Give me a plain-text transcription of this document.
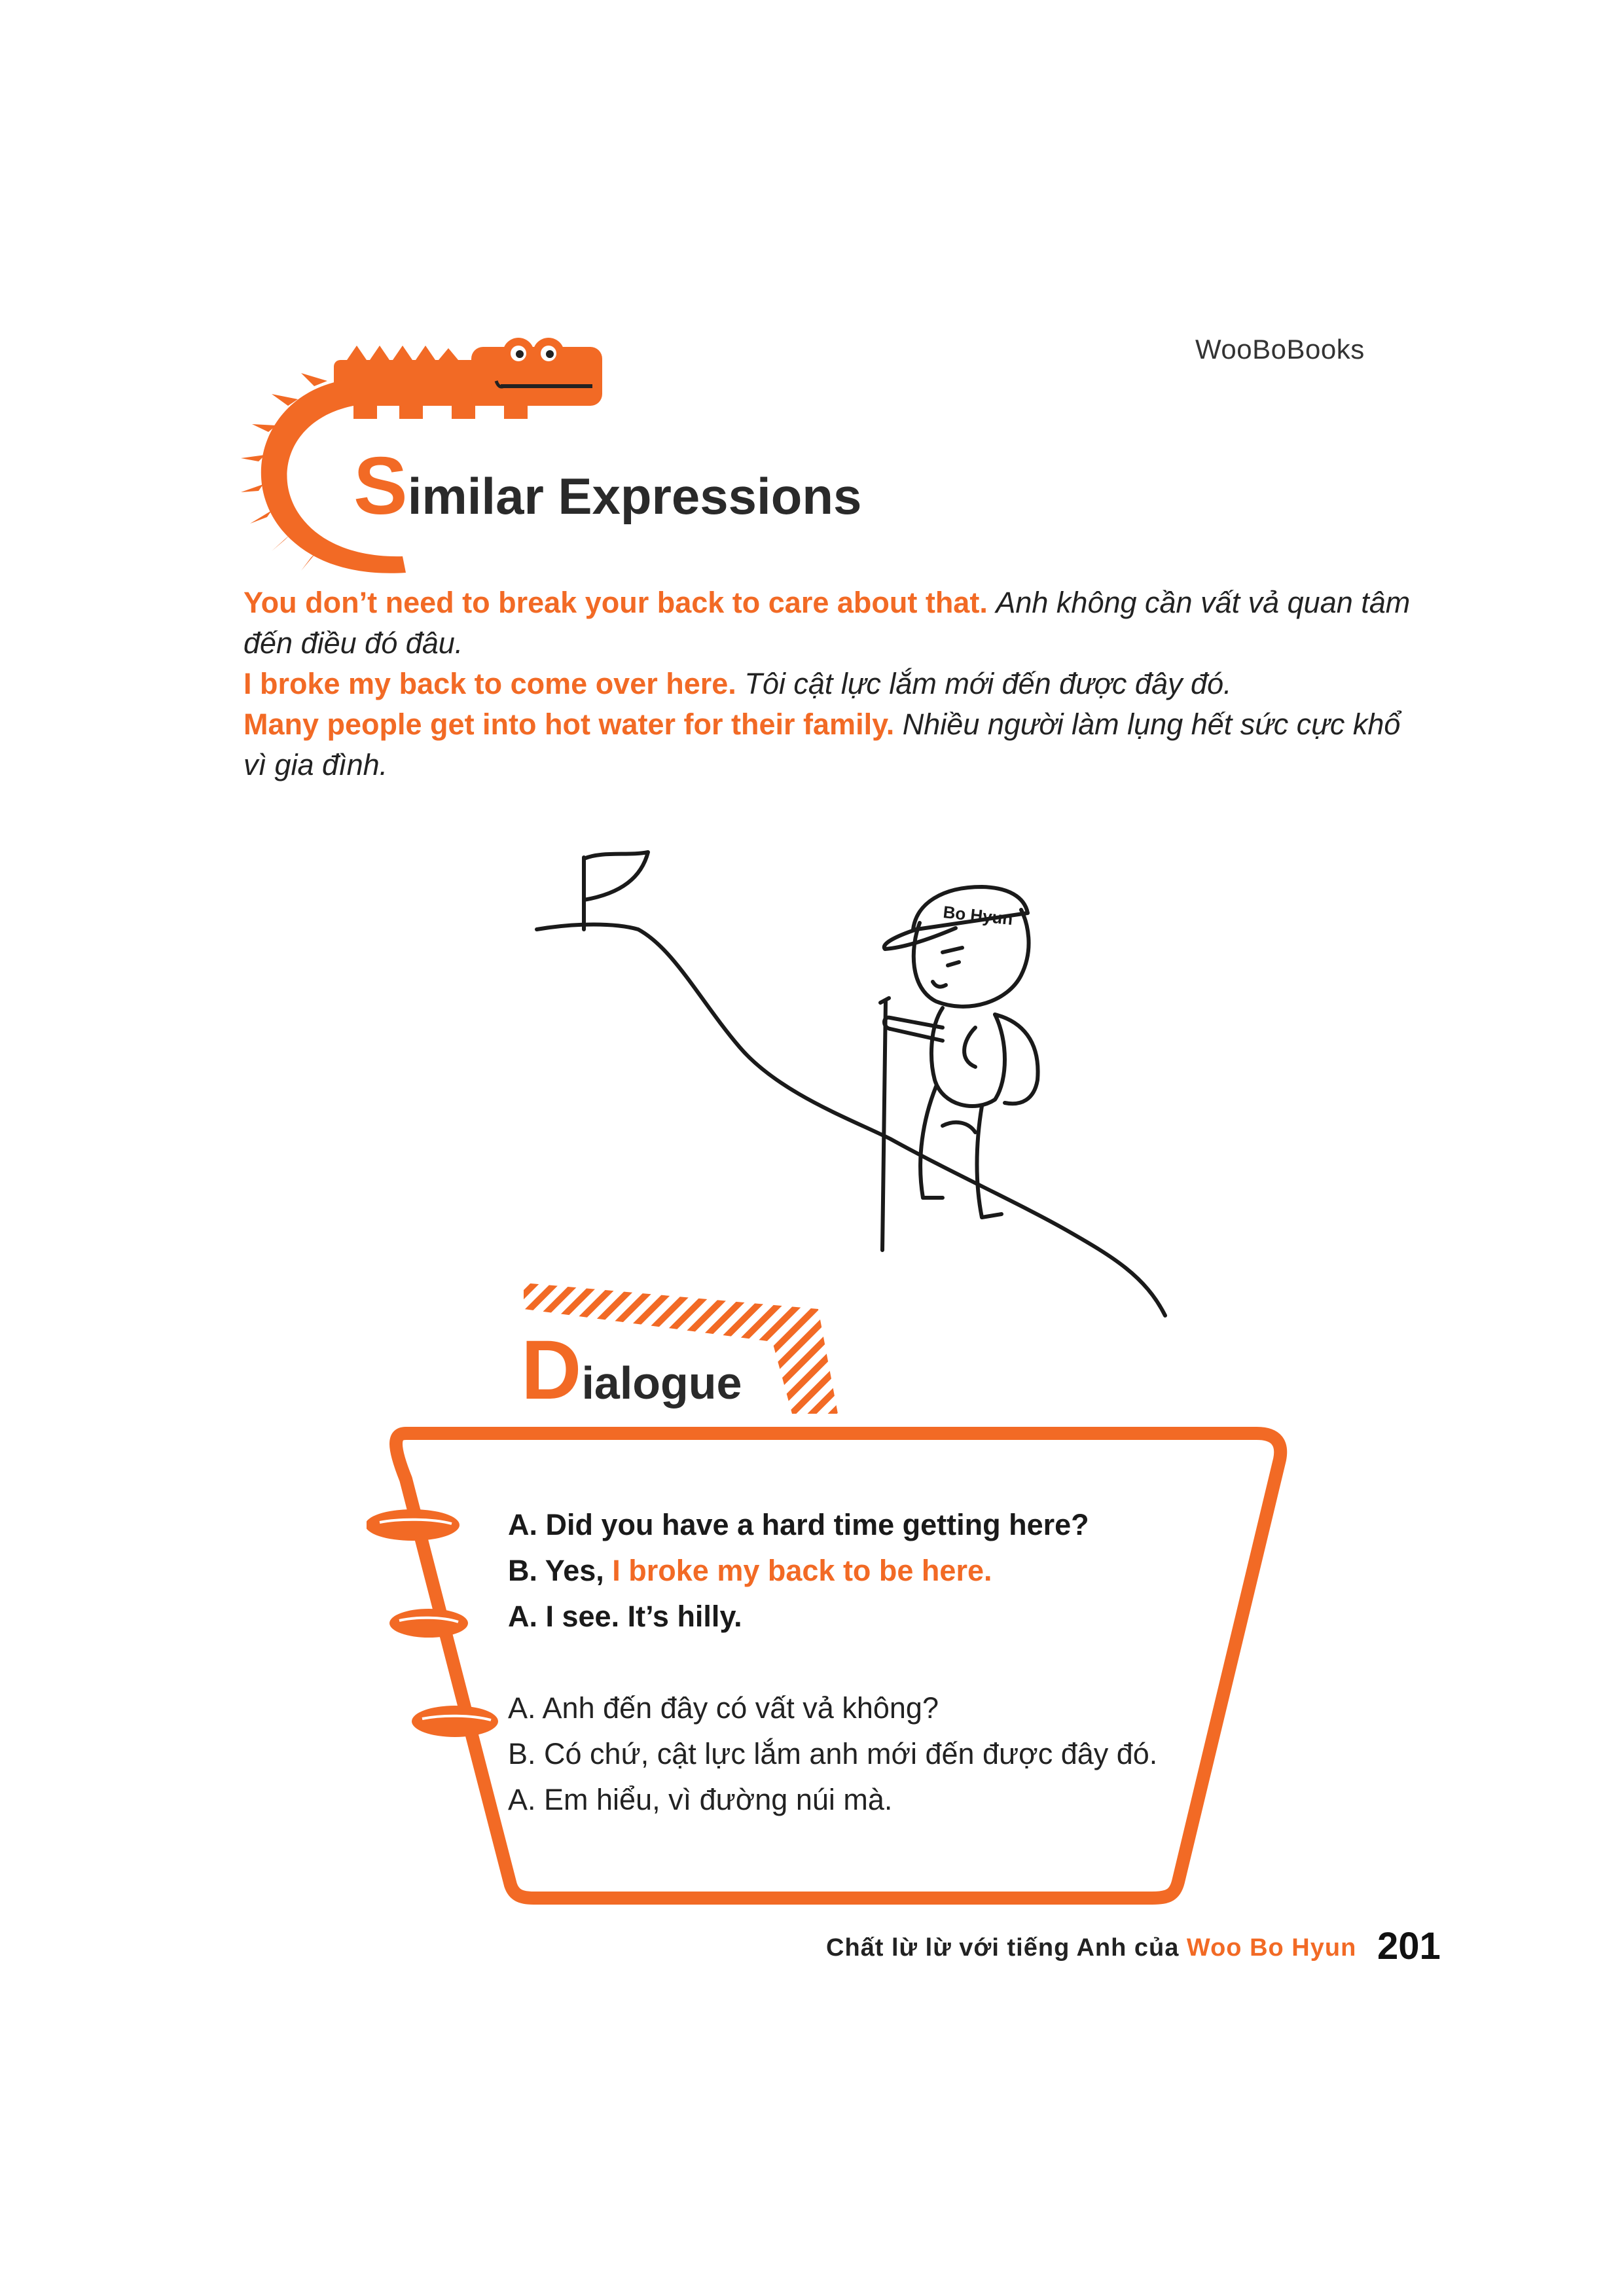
WooBoBooks
Similar Expressions
You don’t need to break your back to care about that. Anh không cần vất vả quan tâm đến điều đó đâu.
I broke my back to come over here. Tôi cật lực lắm mới đến được đây đó.
Many people get into hot water for their family. Nhiều người làm lụng hết sức cực khổ vì gia đình.
Bo Hyun
Dialogue
A. Did you have a hard time getting here?
B. Yes, I broke my back to be here.
A. I see. It’s hilly.
A. Anh đến đây có vất vả không?
B. Có chứ, cật lực lắm anh mới đến được đây đó.
A. Em hiểu, vì đường núi mà.
Chất lừ lừ với tiếng Anh của Woo Bo Hyun 201
